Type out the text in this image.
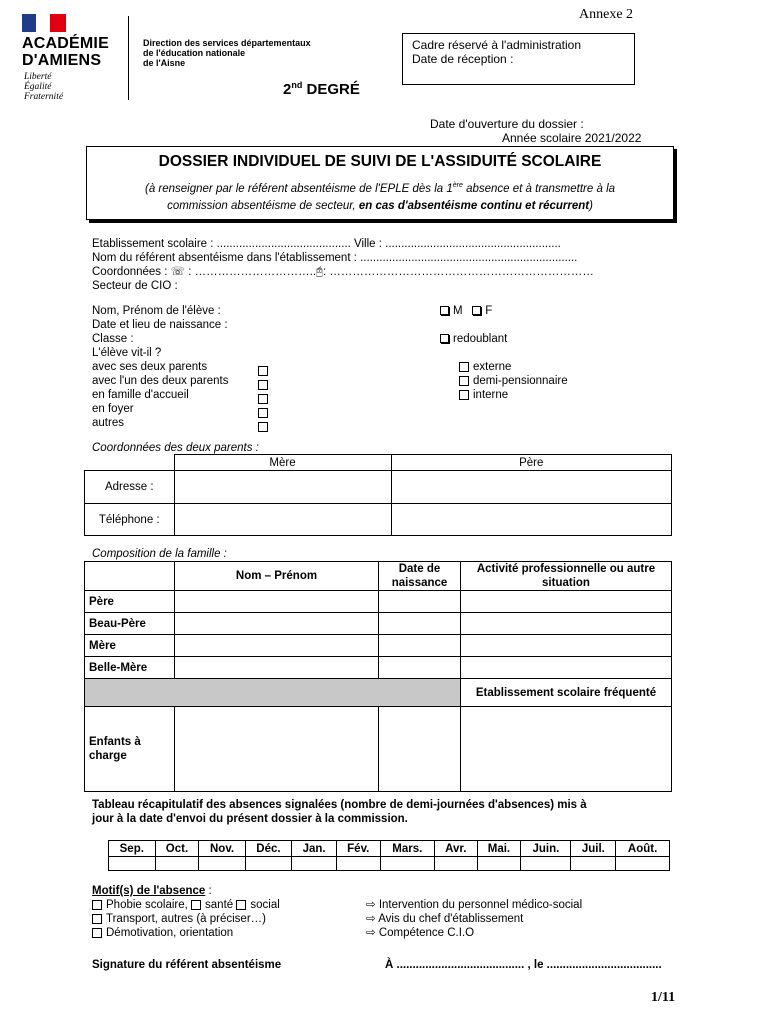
Annexe 2
ACADÉMIE
D'AMIENS
Liberté
Égalité
Fraternité
Direction des services départementaux
de l'éducation nationale
de l'Aisne
Cadre réservé à l'administration
Date de réception :
2nd DEGRÉ
Date d'ouverture du dossier :
Année scolaire 2021/2022
DOSSIER INDIVIDUEL DE SUIVI DE L'ASSIDUITÉ SCOLAIRE
(à renseigner par le référent absentéisme de l'EPLE dès la 1ère absence et à transmettre à la
commission absentéisme de secteur, en cas d'absentéisme continu et récurrent)
Etablissement scolaire : .......................................... Ville : .......................................................
Nom du référent absentéisme dans l'établissement : ....................................................................
Coordonnées : ☏ : …………………………..🖰: ……………………………………………………………
Secteur de CIO :
Nom, Prénom de l'élève :
Date et lieu de naissance :
Classe :
L'élève vit-il ?
avec ses deux parents
avec l'un des deux parents
en famille d'accueil
en foyer
autres
M F
redoublant
externe
demi-pensionnaire
interne
Coordonnées des deux parents :
	Mère	Père
Adresse :		
Téléphone :		
Composition de la famille :
	Nom – Prénom	Date de naissance	Activité professionnelle ou autre situation
Père			
Beau-Père			
Mère			
Belle-Mère			
			Etablissement scolaire fréquenté
Enfants à charge			
Tableau récapitulatif des absences signalées (nombre de demi-journées d'absences) mis à
jour à la date d'envoi du présent dossier à la commission.
Sep.	Oct.	Nov.	Déc.	Jan.	Fév.	Mars.	Avr.	Mai.	Juin.	Juil.	Août.

Motif(s) de l'absence :
Phobie scolaire, santé social
Transport, autres (à préciser…)
Démotivation, orientation
⇨ Intervention du personnel médico-social
⇨ Avis du chef d'établissement
⇨ Compétence C.I.O
Signature du référent absentéisme	À ........................................ , le ....................................
1/11
